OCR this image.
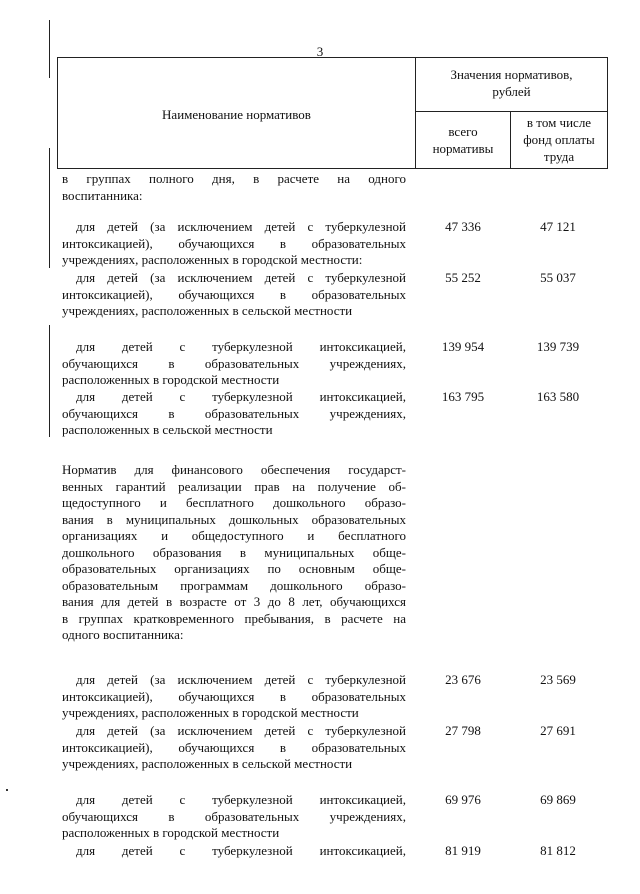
3
Наименование нормативов
Значения нормативов,
рублей
всего
нормативы
в том числе
фонд оплаты
труда
в группах полного дня, в расчете на одного
воспитанника:
для детей (за исключением детей с туберкулезной
интоксикацией), обучающихся в образовательных
учреждениях, расположенных в городской местности:
47 336	47 121
для детей (за исключением детей с туберкулезной
интоксикацией), обучающихся в образовательных
учреждениях, расположенных в сельской местности
55 252	55 037
для детей с туберкулезной интоксикацией,
обучающихся в образовательных учреждениях,
расположенных в городской местности
139 954	139 739
для детей с туберкулезной интоксикацией,
обучающихся в образовательных учреждениях,
расположенных в сельской местности
163 795	163 580
Норматив для финансового обеспечения государст-
венных гарантий реализации прав на получение об-
щедоступного и бесплатного дошкольного образо-
вания в муниципальных дошкольных образовательных
организациях и общедоступного и бесплатного
дошкольного образования в муниципальных обще-
образовательных организациях по основным обще-
образовательным программам дошкольного образо-
вания для детей в возрасте от 3 до 8 лет, обучающихся
в группах кратковременного пребывания, в расчете на
одного воспитанника:
для детей (за исключением детей с туберкулезной
интоксикацией), обучающихся в образовательных
учреждениях, расположенных в городской местности
23 676	23 569
для детей (за исключением детей с туберкулезной
интоксикацией), обучающихся в образовательных
учреждениях, расположенных в сельской местности
27 798	27 691
для детей с туберкулезной интоксикацией,
обучающихся в образовательных учреждениях,
расположенных в городской местности
69 976	69 869
для детей с туберкулезной интоксикацией,	81 919	81 812
